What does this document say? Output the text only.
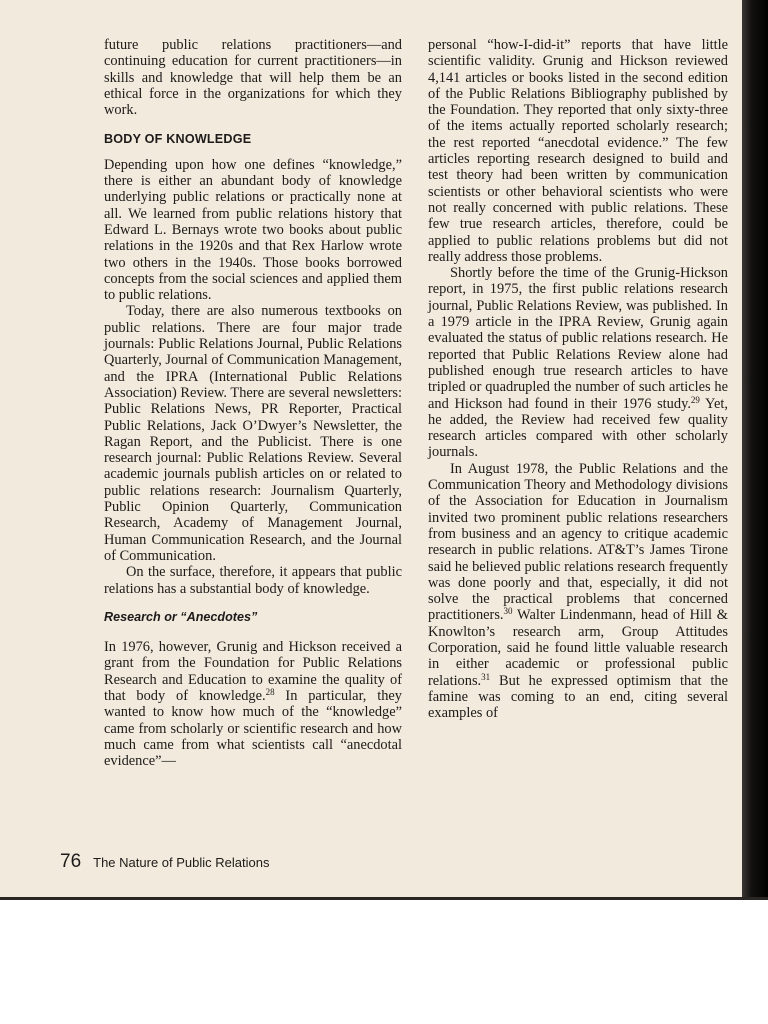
future public relations practitioners—and continuing education for current practitioners—in skills and knowledge that will help them be an ethical force in the organizations for which they work.

BODY OF KNOWLEDGE

Depending upon how one defines “knowledge,” there is either an abundant body of knowledge underlying public relations or practically none at all. We learned from public relations history that Edward L. Bernays wrote two books about public relations in the 1920s and that Rex Harlow wrote two others in the 1940s. Those books borrowed concepts from the social sciences and applied them to public relations.

Today, there are also numerous textbooks on public relations. There are four major trade journals: Public Relations Journal, Public Relations Quarterly, Journal of Communication Management, and the IPRA (International Public Relations Association) Review. There are several newsletters: Public Relations News, PR Reporter, Practical Public Relations, Jack O’Dwyer’s Newsletter, the Ragan Report, and the Publicist. There is one research journal: Public Relations Review. Several academic journals publish articles on or related to public relations research: Journalism Quarterly, Public Opinion Quarterly, Communication Research, Academy of Management Journal, Human Communication Research, and the Journal of Communication.

On the surface, therefore, it appears that public relations has a substantial body of knowledge.

Research or “Anecdotes”

In 1976, however, Grunig and Hickson received a grant from the Foundation for Public Relations Research and Education to examine the quality of that body of knowledge.$^{28}$ In particular, they wanted to know how much of the “knowledge” came from scholarly or scientific research and how much came from what scientists call “anecdotal evidence”—

personal “how-I-did-it” reports that have little scientific validity. Grunig and Hickson reviewed 4,141 articles or books listed in the second edition of the Public Relations Bibliography published by the Foundation. They reported that only sixty-three of the items actually reported scholarly research; the rest reported “anecdotal evidence.” The few articles reporting research designed to build and test theory had been written by communication scientists or other behavioral scientists who were not really concerned with public relations. These few true research articles, therefore, could be applied to public relations problems but did not really address those problems.

Shortly before the time of the Grunig-Hickson report, in 1975, the first public relations research journal, Public Relations Review, was published. In a 1979 article in the IPRA Review, Grunig again evaluated the status of public relations research. He reported that Public Relations Review alone had published enough true research articles to have tripled or quadrupled the number of such articles he and Hickson had found in their 1976 study.$^{29}$ Yet, he added, the Review had received few quality research articles compared with other scholarly journals.

In August 1978, the Public Relations and the Communication Theory and Methodology divisions of the Association for Education in Journalism invited two prominent public relations researchers from business and an agency to critique academic research in public relations. AT&T’s James Tirone said he believed public relations research frequently was done poorly and that, especially, it did not solve the practical problems that concerned practitioners.$^{30}$ Walter Lindenmann, head of Hill & Knowlton’s research arm, Group Attitudes Corporation, said he found little valuable research in either academic or professional public relations.$^{31}$ But he expressed optimism that the famine was coming to an end, citing several examples of

76 The Nature of Public Relations
